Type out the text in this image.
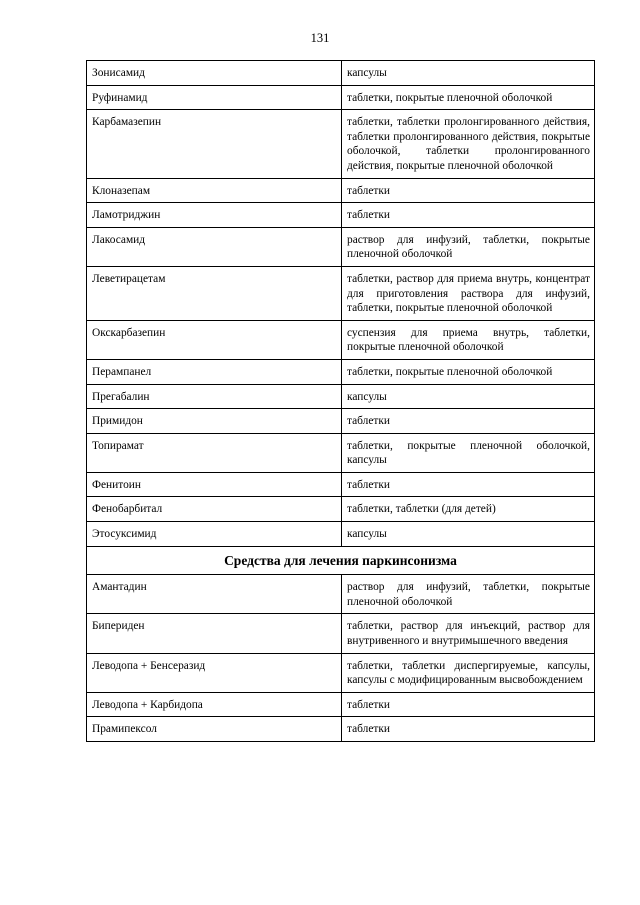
131
Зонисамид	капсулы
Руфинамид	таблетки, покрытые пленочной оболочкой
Карбамазепин	таблетки, таблетки пролонгированного действия, таблетки пролонгированного действия, покрытые оболочкой, таблетки пролонгированного действия, покрытые пленочной оболочкой
Клоназепам	таблетки
Ламотриджин	таблетки
Лакосамид	раствор для инфузий, таблетки, покрытые пленочной оболочкой
Леветирацетам	таблетки, раствор для приема внутрь, концентрат для приготовления раствора для инфузий, таблетки, покрытые пленочной оболочкой
Окскарбазепин	суспензия для приема внутрь, таблетки, покрытые пленочной оболочкой
Перампанел	таблетки, покрытые пленочной оболочкой
Прегабалин	капсулы
Примидон	таблетки
Топирамат	таблетки, покрытые пленочной оболочкой, капсулы
Фенитоин	таблетки
Фенобарбитал	таблетки, таблетки (для детей)
Этосуксимид	капсулы
Средства для лечения паркинсонизма	
Амантадин	раствор для инфузий, таблетки, покрытые пленочной оболочкой
Бипериден	таблетки, раствор для инъекций, раствор для внутривенного и внутримышечного введения
Леводопа + Бенсеразид	таблетки, таблетки диспергируемые, капсулы, капсулы с модифицированным высвобождением
Леводопа + Карбидопа	таблетки
Прамипексол	таблетки
